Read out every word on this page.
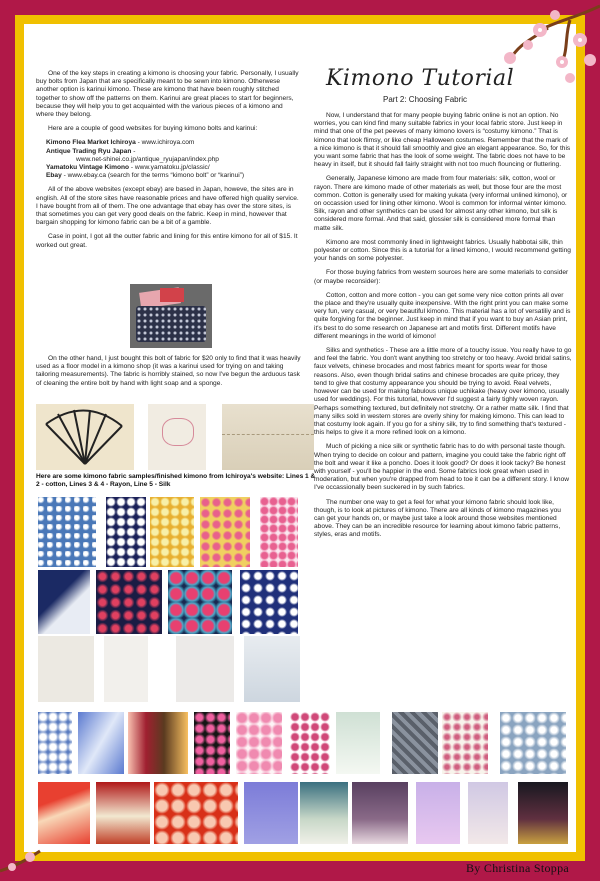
Kimono Tutorial
Part 2: Choosing Fabric

One of the key steps in creating a kimono is choosing your fabric. Personally, I usually buy bolts from Japan that are specifically meant to be sewn into kimono. Otherwese another option is karinui kimono. These are kimono that have been roughly stitched together to show off the patterns on them. Karinui are great places to start for beginners, because they will help you to get acquainted with the various pieces of a kimono and where they belong.

Here are a couple of good websites for buying kimono bolts and karinui:

Kimono Flea Market Ichiroya - www.ichiroya.com
Antique Trading Ryu Japan -
www.net-shinei.co.jp/antique_ryujapan/index.php
Yamatoku Vintage Kimono - www.yamatoku.jp/classic/
Ebay - www.ebay.ca (search for the terms “kimono bolt” or “karinui”)

All of the above websites (except ebay) are based in Japan, howeve, the sites are in english. All of the store sites have reasonable prices and have offered high quality service. I have bought from all of them. The one advantage that ebay has over the store sites, is that sometimes you can get very good deals on the fabric. Keep in mind, however that bargain shopping for kimono fabric can be a bit of a gamble.

Case in point, I got all the outter fabric and lining for this entire kimono for all of $15. It worked out great.

On the other hand, I just bought this bolt of fabric for $20 only to find that it was heavily used as a floor model in a kimono shop (it was a karinui used for trying on and taking tailoring measurements). The fabric is horribly stained, so now I've begun the arduous task of cleaning the entire bolt by hand with light soap and a sponge.

Here are some kimono fabric samples/finished kimono from Ichiroya's website: Lines 1 & 2 - cotton, Lines 3 & 4 - Rayon, Line 5 - Silk

Now, I understand that for many people buying fabric online is not an option. No worries, you can kind find many suitable fabrics in your local fabric store. Just keep in mind that one of the pet peeves of many kimono lovers is “costumy kimono.” That is kimono that look flimsy, or like cheap Halloween costumes. Remember that the mark of a nice kimono is that it should fall smoothly and give an elegant appearance. So, for this you want some fabric that has the look of some weight. The fabric does not have to be heavy in itself, but it should fall fairly straight with not too much flouncing or fluttering.

Generally, Japanese kimono are made from four materials: silk, cotton, wool or rayon. There are kimono made of other materials as well, but those four are the most common. Cotton is generally used for making yukata (very informal unlined kimono), or on occassion used for lining other kimono. Wool is common for informal winter kimono. Silk, rayon and other synthetics can be used for almost any other kimono, but silk is considered more formal. And that said, glossier silk is considered more formal than matte silk.

Kimono are most commonly lined in lightweight fabrics. Usually habbotai silk, thin polyester or cotton. Since this is a tutorial for a lined kimono, I would recommend getting your hands on some polyester.

For those buying fabrics from western sources here are some materials to consider (or maybe reconsider):

Cotton, cotton and more cotton - you can get some very nice cotton prints all over the place and they're usually quite inexpensive. With the right print you can make some very fun, very casual, or very beautiful kimono. This material has a lot of versatiliy and is quite forgiving for the beginner. Just keep in mind that if you want to buy an Asian print, it's best to do some research on Japanese art and motifs first. Different motifs have different meanings in the world of kimono!

Silks and synthetics - These are a little more of a touchy issue. You really have to go and feel the fabric. You don't want anything too stretchy or too heavy. Avoid bridal satins, faux velvets, chinese brocades and most fabrics meant for sports wear for those reasons. Also, even though bridal satins and chinese brocades are quite pricey, they tend to give that costumy appearance you should be trying to avoid. Real velvets, however can be used for making fabulous unique uchikake (heavy over kimono, usually used for weddings). For this tutorial, however I'd suggest a fairly tighly woven rayon. Perhaps something textured, but definitely not stretchy. Or a rather matte silk. I find that many silks sold in western stores are overly shiny for making kimono. This can lead to that costumy look again. If you go for a shiny silk, try to find something that's textured - this helps to give it a more refined look on a kimono.

Much of picking a nice silk or synthetic fabric has to do with personal taste though. When trying to decide on colour and pattern, imagine you could take the fabric right off the bolt and wear it like a poncho. Does it look good? Or does it look tacky? Be honest with yourself - you'll be happier in the end. Some fabrics look great when used in moderation, but when you're drapped from head to toe it can be a different story. I know I've occassionally been suckered in by such fabrics.

The number one way to get a feel for what your kimono fabric should look like, though, is to look at pictures of kimono. There are all kinds of kimono magazines you can get your hands on, or maybe just take a look around those websites mentioned above. They can be an incredible resource for learning about kimono fabric patterns, styles, eras and motifs.

By Christina Stoppa
